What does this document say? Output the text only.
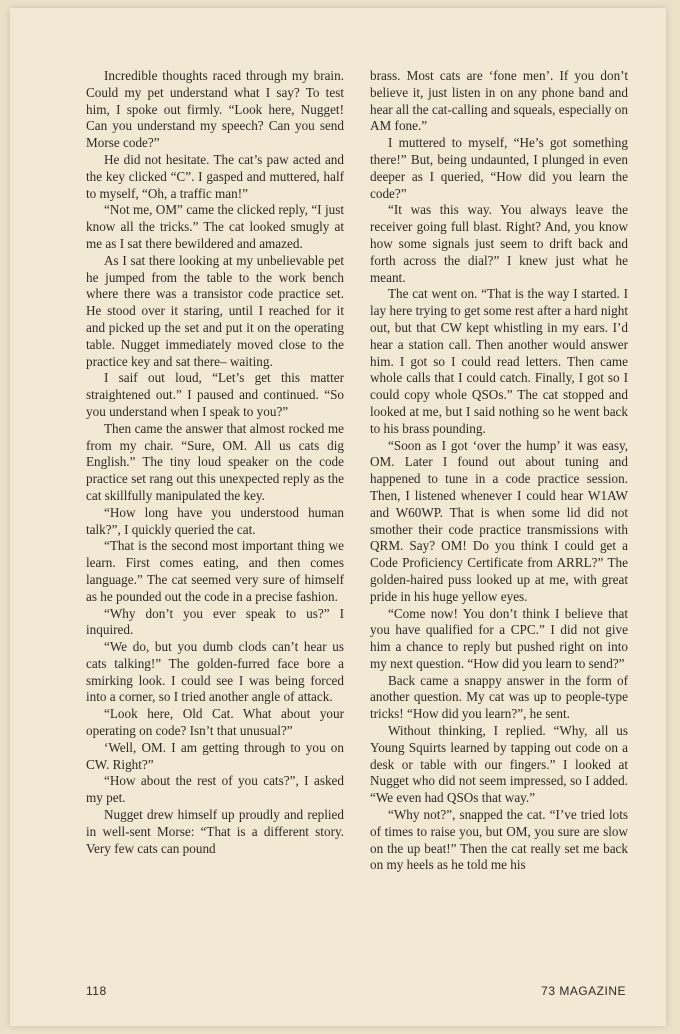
Incredible thoughts raced through my brain. Could my pet understand what I say? To test him, I spoke out firmly. “Look here, Nugget! Can you understand my speech? Can you send Morse code?”

He did not hesitate. The cat’s paw acted and the key clicked “C”. I gasped and muttered, half to myself, “Oh, a traffic man!”

“Not me, OM” came the clicked reply, “I just know all the tricks.” The cat looked smugly at me as I sat there bewildered and amazed.

As I sat there looking at my unbelievable pet he jumped from the table to the work bench where there was a transistor code practice set. He stood over it staring, until I reached for it and picked up the set and put it on the operating table. Nugget immediately moved close to the practice key and sat there– waiting.

I saif out loud, “Let’s get this matter straightened out.” I paused and continued. “So you understand when I speak to you?”

Then came the answer that almost rocked me from my chair. “Sure, OM. All us cats dig English.” The tiny loud speaker on the code practice set rang out this unexpected reply as the cat skillfully manipulated the key.

“How long have you understood human talk?”, I quickly queried the cat.

“That is the second most important thing we learn. First comes eating, and then comes language.” The cat seemed very sure of himself as he pounded out the code in a precise fashion.

“Why don’t you ever speak to us?” I inquired.

“We do, but you dumb clods can’t hear us cats talking!” The golden-furred face bore a smirking look. I could see I was being forced into a corner, so I tried another angle of attack.

“Look here, Old Cat. What about your operating on code? Isn’t that unusual?”

‘Well, OM. I am getting through to you on CW. Right?”

“How about the rest of you cats?”, I asked my pet.

Nugget drew himself up proudly and replied in well-sent Morse: “That is a different story. Very few cats can pound

brass. Most cats are ‘fone men’. If you don’t believe it, just listen in on any phone band and hear all the cat-calling and squeals, especially on AM fone.”

I muttered to myself, “He’s got something there!” But, being undaunted, I plunged in even deeper as I queried, “How did you learn the code?”

“It was this way. You always leave the receiver going full blast. Right? And, you know how some signals just seem to drift back and forth across the dial?” I knew just what he meant.

The cat went on. “That is the way I started. I lay here trying to get some rest after a hard night out, but that CW kept whistling in my ears. I’d hear a station call. Then another would answer him. I got so I could read letters. Then came whole calls that I could catch. Finally, I got so I could copy whole QSOs.” The cat stopped and looked at me, but I said nothing so he went back to his brass pounding.

“Soon as I got ‘over the hump’ it was easy, OM. Later I found out about tuning and happened to tune in a code practice session. Then, I listened whenever I could hear W1AW and W60WP. That is when some lid did not smother their code practice transmissions with QRM. Say? OM! Do you think I could get a Code Proficiency Certificate from ARRL?” The golden-haired puss looked up at me, with great pride in his huge yellow eyes.

“Come now! You don’t think I believe that you have qualified for a CPC.” I did not give him a chance to reply but pushed right on into my next question. “How did you learn to send?”

Back came a snappy answer in the form of another question. My cat was up to people-type tricks! “How did you learn?”, he sent.

Without thinking, I replied. “Why, all us Young Squirts learned by tapping out code on a desk or table with our fingers.” I looked at Nugget who did not seem impressed, so I added. “We even had QSOs that way.”

“Why not?”, snapped the cat. “I’ve tried lots of times to raise you, but OM, you sure are slow on the up beat!” Then the cat really set me back on my heels as he told me his

118	73 MAGAZINE
